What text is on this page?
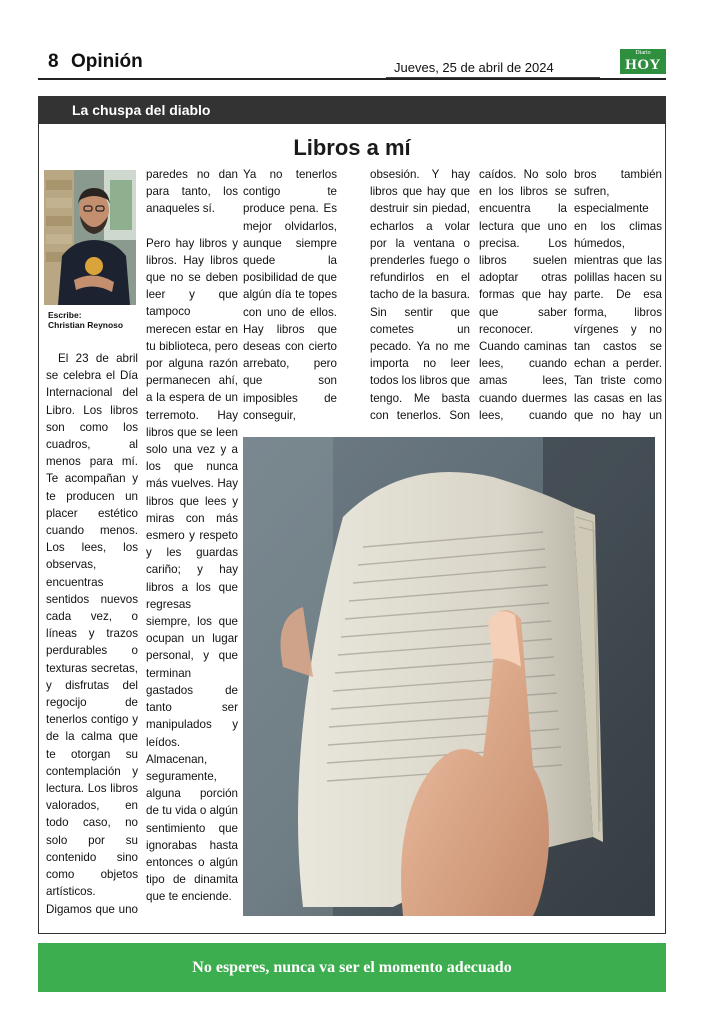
8 Opinión	Jueves, 25 de abril de 2024
Diario
HOY
La chuspa del diablo
Libros a mí
Escribe:
Christian Reynoso

El 23 de abril se celebra el Día Internacional del Libro. Los libros son como los cuadros, al menos para mí. Te acompañan y te producen un placer estético cuando menos. Los lees, los observas, encuentras sentidos nuevos cada vez, o líneas y trazos perdurables o texturas secretas, y disfrutas del regocijo de tenerlos contigo y de la calma que te otorgan su contemplación y lectura. Los libros valorados, en todo caso, no solo por su contenido sino como objetos artísticos. Digamos que uno

paredes no dan para tanto, los anaqueles sí.

Pero hay libros y libros. Hay libros que no se deben leer y que tampoco merecen estar en tu biblioteca, pero por alguna razón permanecen ahí, a la espera de un terremoto. Hay libros que se leen solo una vez y a los que nunca más vuelves. Hay libros que lees y miras con más esmero y respeto y les guardas cariño; y hay libros a los que regresas siempre, los que ocupan un lugar personal, y que terminan gastados de tanto ser manipulados y leídos. Almacenan, seguramente, alguna porción de tu vida o algún sentimiento que ignorabas hasta entonces o algún tipo de dinamita que te enciende.

Ya no tenerlos contigo te produce pena. Es mejor olvidarlos, aunque siempre quede la posibilidad de que algún día te topes con uno de ellos. Hay libros que deseas con cierto arrebato, pero que son imposibles de conseguir,

obsesión. Y hay libros que hay que destruir sin piedad, echarlos a volar por la ventana o prenderles fuego o refundirlos en el tacho de la basura. Sin sentir que cometes un pecado. Ya no me importa no leer todos los libros que tengo. Me basta con tenerlos. Son

caídos. No solo en los libros se encuentra la lectura que uno precisa. Los libros suelen adoptar otras formas que hay que saber reconocer. Cuando caminas lees, cuando amas lees, cuando duermes lees, cuando

bros también sufren, especialmente en los climas húmedos, mientras que las polillas hacen su parte. De esa forma, libros vírgenes y no tan castos se echan a perder. Tan triste como las casas en las que no hay un

No esperes, nunca va ser el momento adecuado
